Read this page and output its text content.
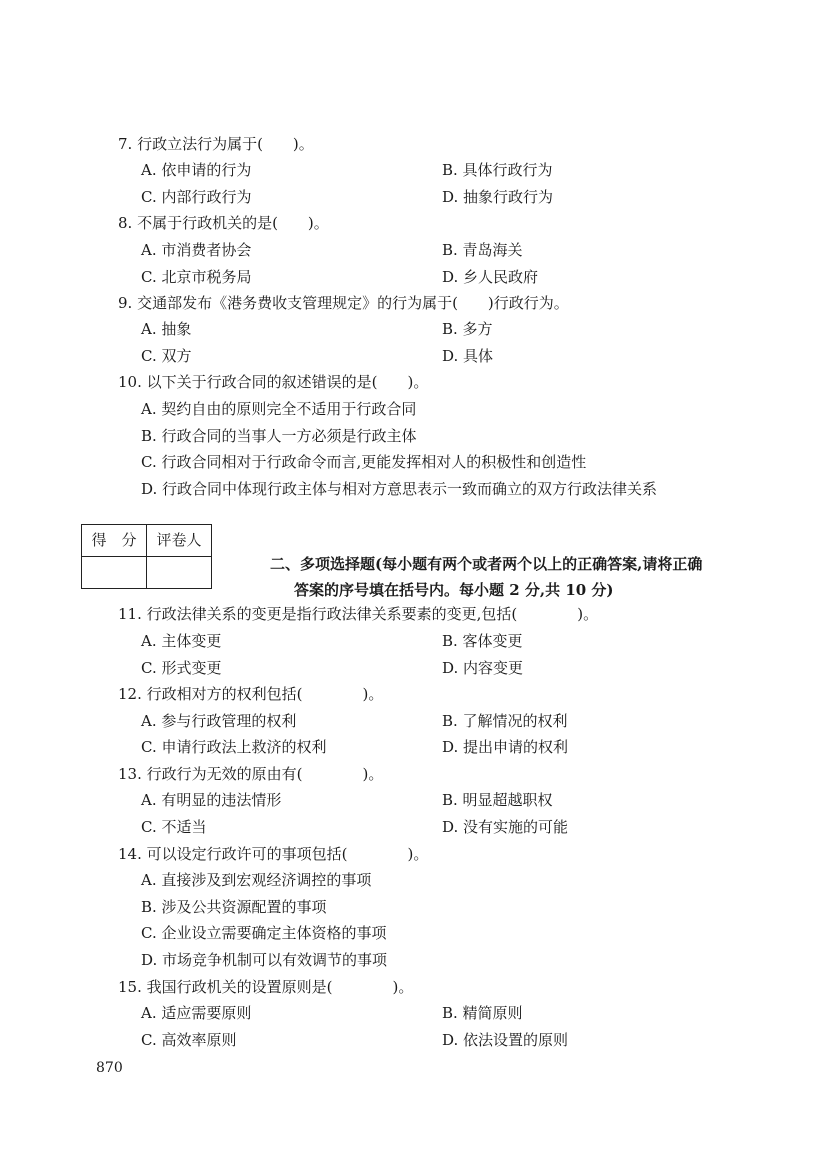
7. 行政立法行为属于(　　)。
A. 依申请的行为	B. 具体行政行为
C. 内部行政行为	D. 抽象行政行为
8. 不属于行政机关的是(　　)。
A. 市消费者协会	B. 青岛海关
C. 北京市税务局	D. 乡人民政府
9. 交通部发布《港务费收支管理规定》的行为属于(　　)行政行为。
A. 抽象	B. 多方
C. 双方	D. 具体
10. 以下关于行政合同的叙述错误的是(　　)。
A. 契约自由的原则完全不适用于行政合同
B. 行政合同的当事人一方必须是行政主体
C. 行政合同相对于行政命令而言,更能发挥相对人的积极性和创造性
D. 行政合同中体现行政主体与相对方意思表示一致而确立的双方行政法律关系
得　分	评卷人

二、多项选择题(每小题有两个或者两个以上的正确答案,请将正确
答案的序号填在括号内。每小题 2 分,共 10 分)
11. 行政法律关系的变更是指行政法律关系要素的变更,包括(　　　　)。
A. 主体变更	B. 客体变更
C. 形式变更	D. 内容变更
12. 行政相对方的权利包括(　　　　)。
A. 参与行政管理的权利	B. 了解情况的权利
C. 申请行政法上救济的权利	D. 提出申请的权利
13. 行政行为无效的原由有(　　　　)。
A. 有明显的违法情形	B. 明显超越职权
C. 不适当	D. 没有实施的可能
14. 可以设定行政许可的事项包括(　　　　)。
A. 直接涉及到宏观经济调控的事项
B. 涉及公共资源配置的事项
C. 企业设立需要确定主体资格的事项
D. 市场竞争机制可以有效调节的事项
15. 我国行政机关的设置原则是(　　　　)。
A. 适应需要原则	B. 精简原则
C. 高效率原则	D. 依法设置的原则
870
